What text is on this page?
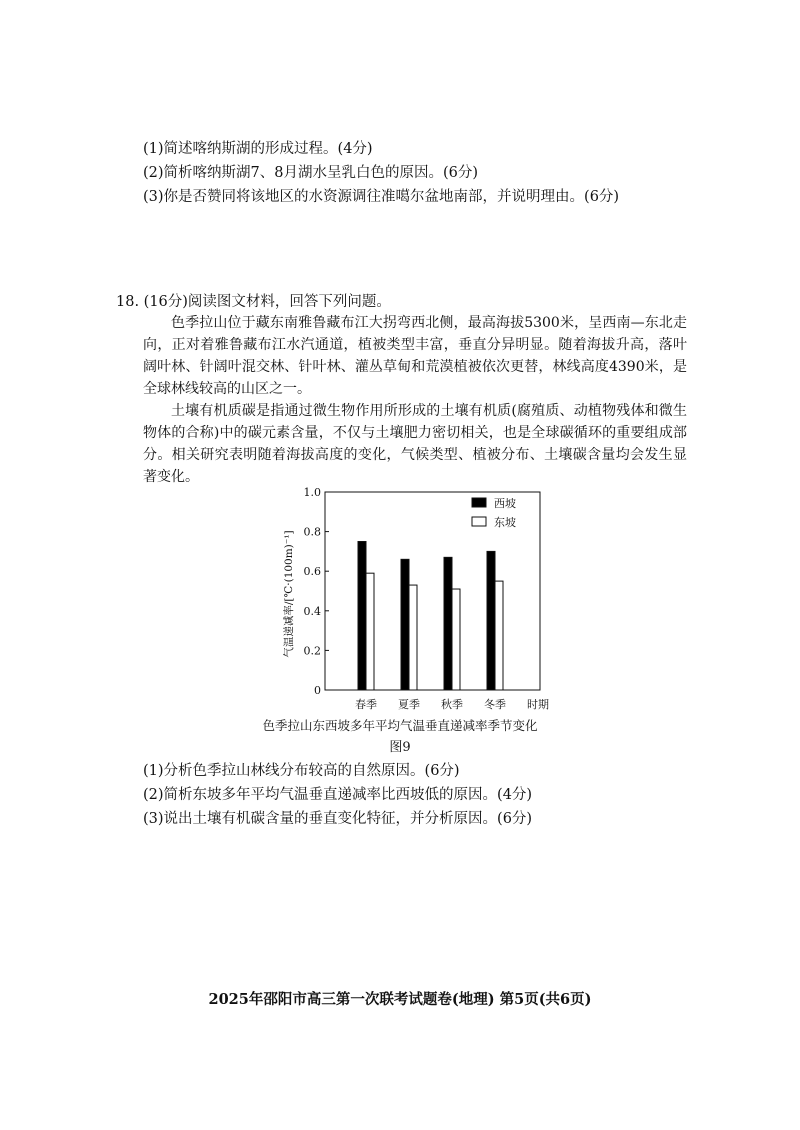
(1)简述喀纳斯湖的形成过程。(4分)
(2)简析喀纳斯湖7、8月湖水呈乳白色的原因。(6分)
(3)你是否赞同将该地区的水资源调往准噶尔盆地南部，并说明理由。(6分)
18. (16分)阅读图文材料，回答下列问题。
色季拉山位于藏东南雅鲁藏布江大拐弯西北侧，最高海拔5300米，呈西南—东北走向，正对着雅鲁藏布江水汽通道，植被类型丰富，垂直分异明显。随着海拔升高，落叶阔叶林、针阔叶混交林、针叶林、灌丛草甸和荒漠植被依次更替，林线高度4390米，是全球林线较高的山区之一。
土壤有机质碳是指通过微生物作用所形成的土壤有机质(腐殖质、动植物残体和微生物体的合称)中的碳元素含量，不仅与土壤肥力密切相关，也是全球碳循环的重要组成部分。相关研究表明随着海拔高度的变化，气候类型、植被分布、土壤碳含量均会发生显著变化。
气温递减率/[℃·(100m)⁻¹]
0
0.2
0.4
0.6
0.8
1.0
春季 夏季 秋季 冬季 时期
西坡
东坡
色季拉山东西坡多年平均气温垂直递减率季节变化
图9
(1)分析色季拉山林线分布较高的自然原因。(6分)
(2)简析东坡多年平均气温垂直递减率比西坡低的原因。(4分)
(3)说出土壤有机碳含量的垂直变化特征，并分析原因。(6分)
2025年邵阳市高三第一次联考试题卷(地理) 第5页(共6页)
